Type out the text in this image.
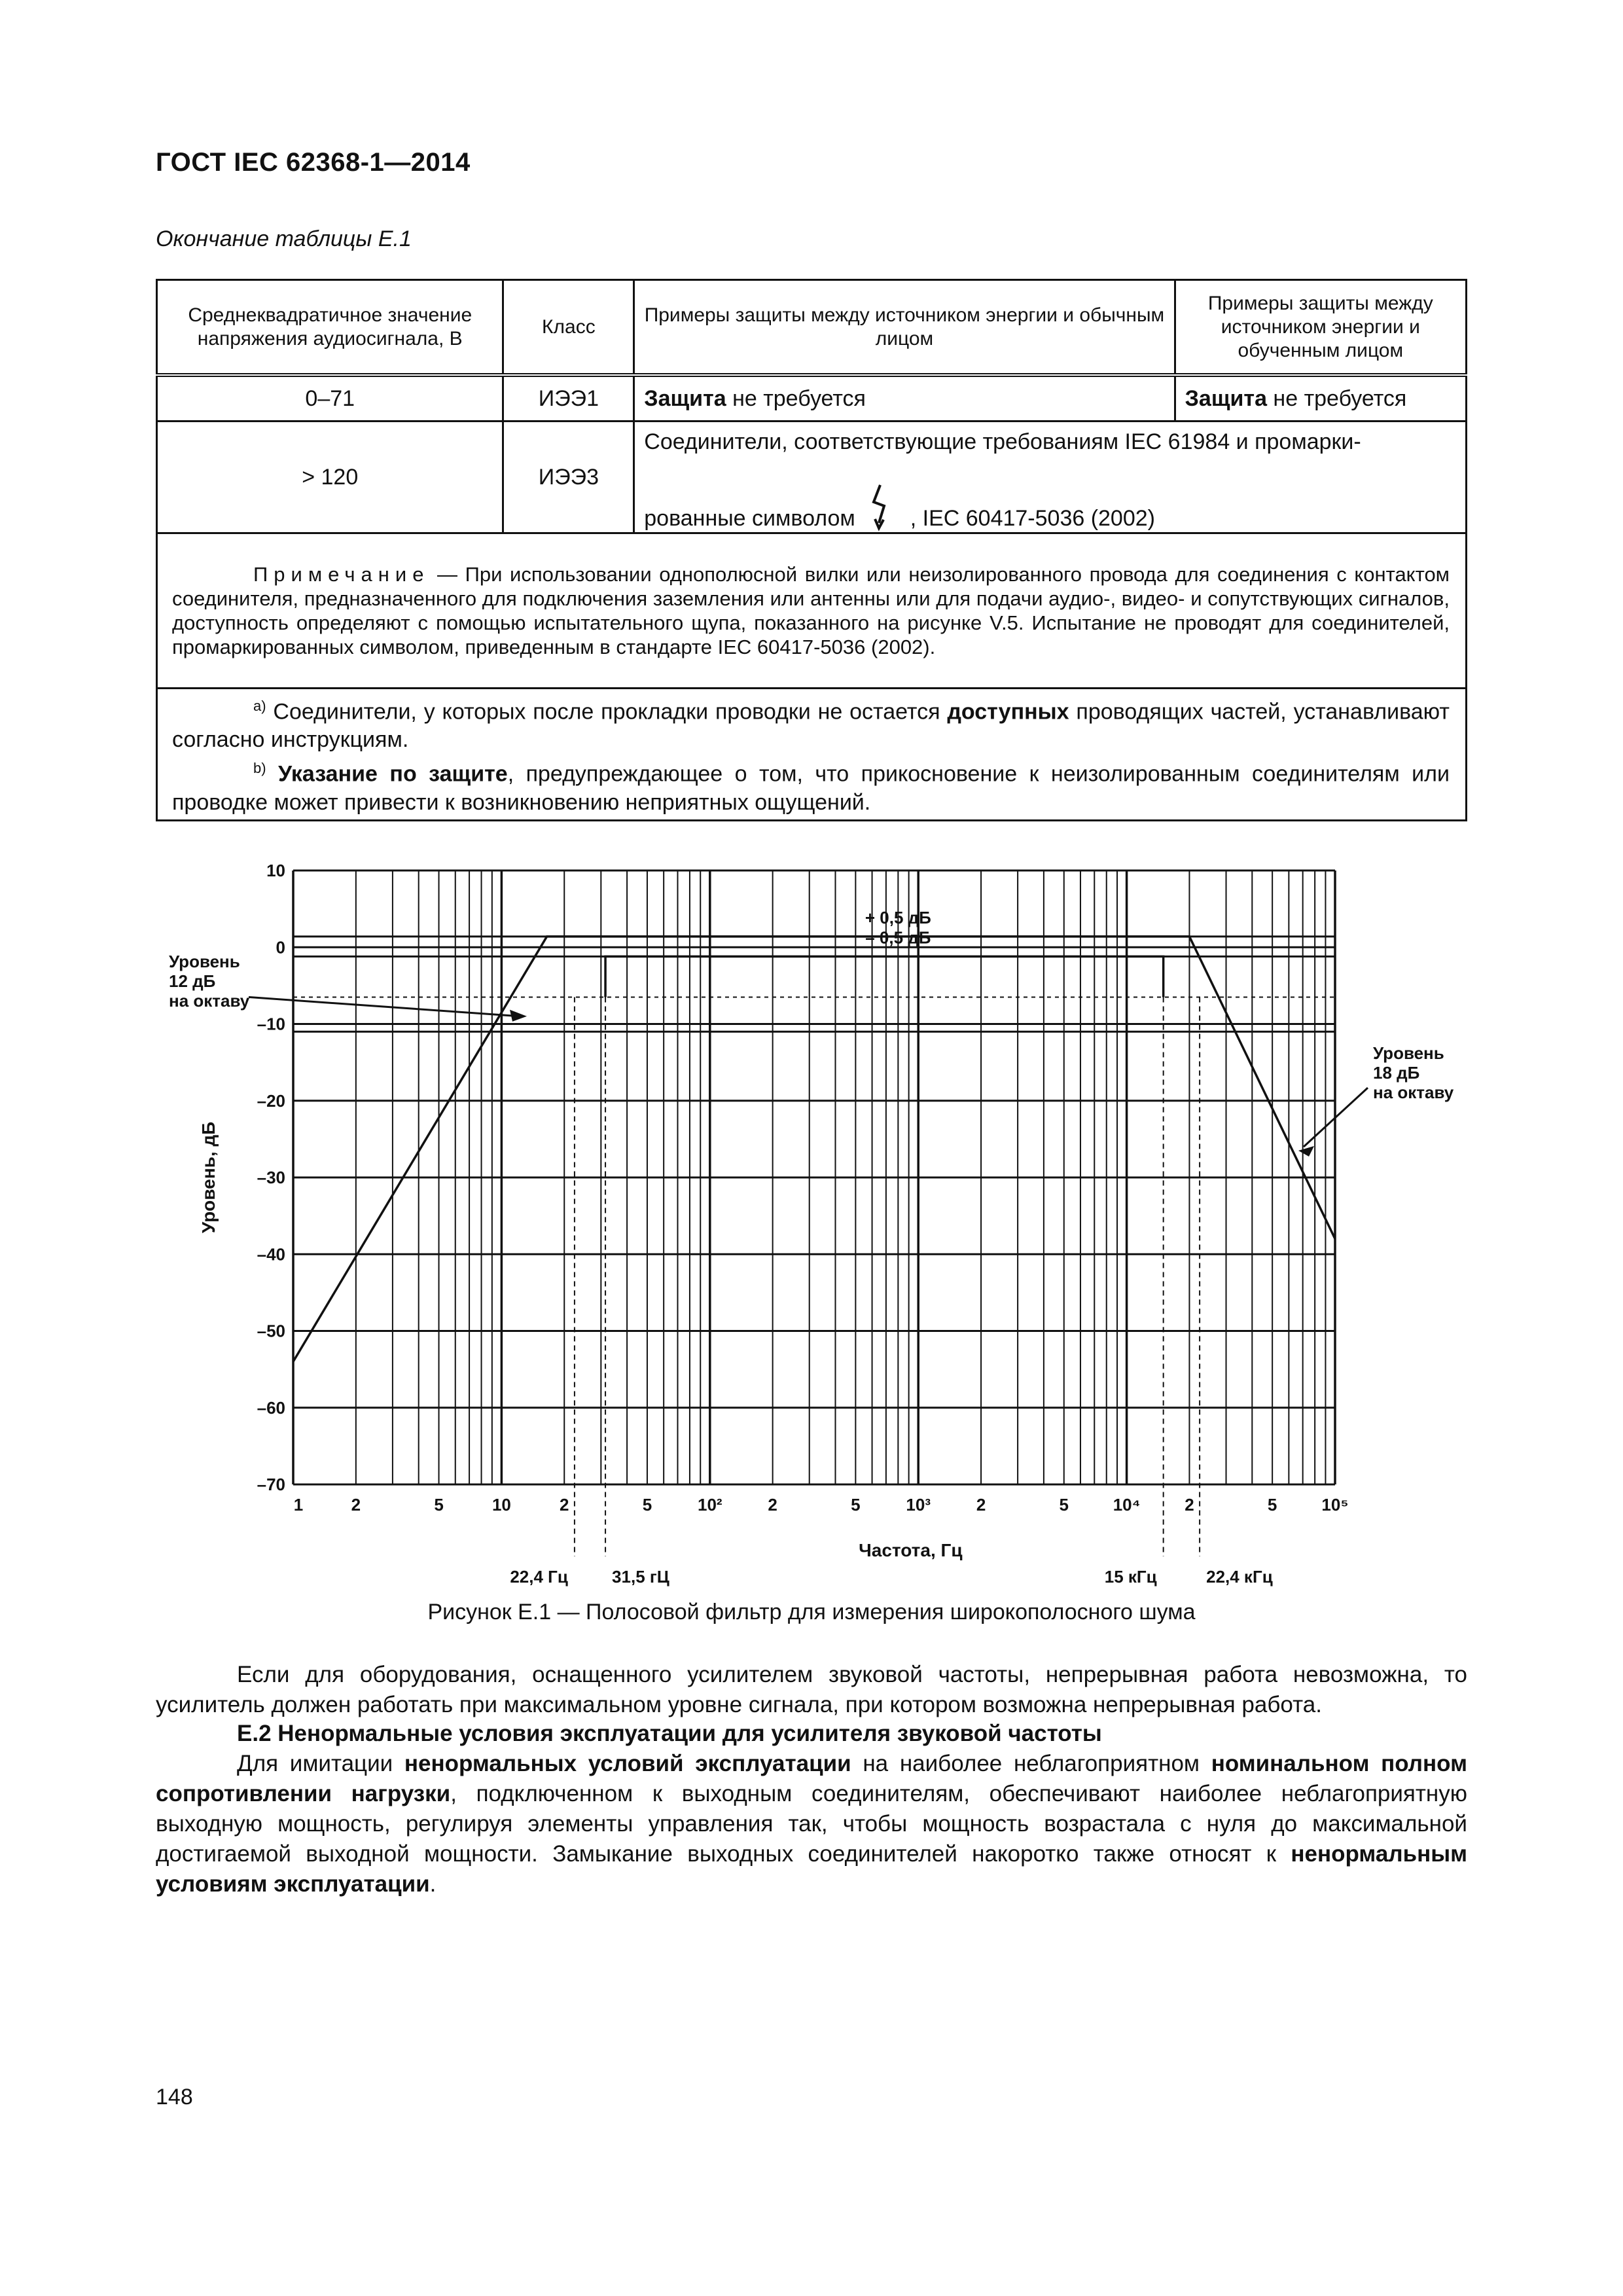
ГОСТ IEC 62368-1—2014
Окончание таблицы Е.1
Среднеквадратичное значение напряжения аудиосигнала, В	Класс	Примеры защиты между источником энергии и обычным лицом	Примеры защиты между источником энергии и обученным лицом
0–71	ИЭЭ1	Защита не требуется	Защита не требуется
> 120	ИЭЭ3	Соединители, соответствующие требованиям IEC 61984 и промарки-
рованные символом , IEC 60417-5036 (2002)	

Примечание — При использовании однополюсной вилки или неизолированного провода для соединения с контактом соединителя, предназначенного для подключения заземления или антенны или для подачи аудио-, видео- и сопутствующих сигналов, доступность определяют с помощью испытательного щупа, показанного на рисунке V.5. Испытание не проводят для соединителей, промаркированных символом, приведенным в стандарте IEC 60417-5036 (2002).			

$^{a)}$ Соединители, у которых после прокладки проводки не остается доступных проводящих частей, устанавливают согласно инструкциям.
$^{b)}$ Указание по защите, предупреждающее о том, что прикосновение к неизолированным соединителям или проводке может привести к возникновению неприятных ощущений.			
10
0
–10
–20
–30
–40
–50
–60
–70
1	2	5	10	2	5	10²	2	5	10³	2	5	10⁴	2	5	10⁵
22,4 Гц	31,5 гЦ	15 кГц	22,4 кГц
+ 0,5 дБ
– 0,5 дБ
Частота, Гц
Уровень, дБ
Уровень
12 дБ
на октаву
Уровень
18 дБ
на октаву
Рисунок Е.1 — Полосовой фильтр для измерения широкополосного шума
Если для оборудования, оснащенного усилителем звуковой частоты, непрерывная работа невозможна, то усилитель должен работать при максимальном уровне сигнала, при котором возможна непрерывная работа.
Е.2 Ненормальные условия эксплуатации для усилителя звуковой частоты
Для имитации ненормальных условий эксплуатации на наиболее неблагоприятном номинальном полном сопротивлении нагрузки, подключенном к выходным соединителям, обеспечивают наиболее неблагоприятную выходную мощность, регулируя элементы управления так, чтобы мощность возрастала с нуля до максимальной достигаемой выходной мощности. Замыкание выходных соединителей накоротко также относят к ненормальным условиям эксплуатации.
148
